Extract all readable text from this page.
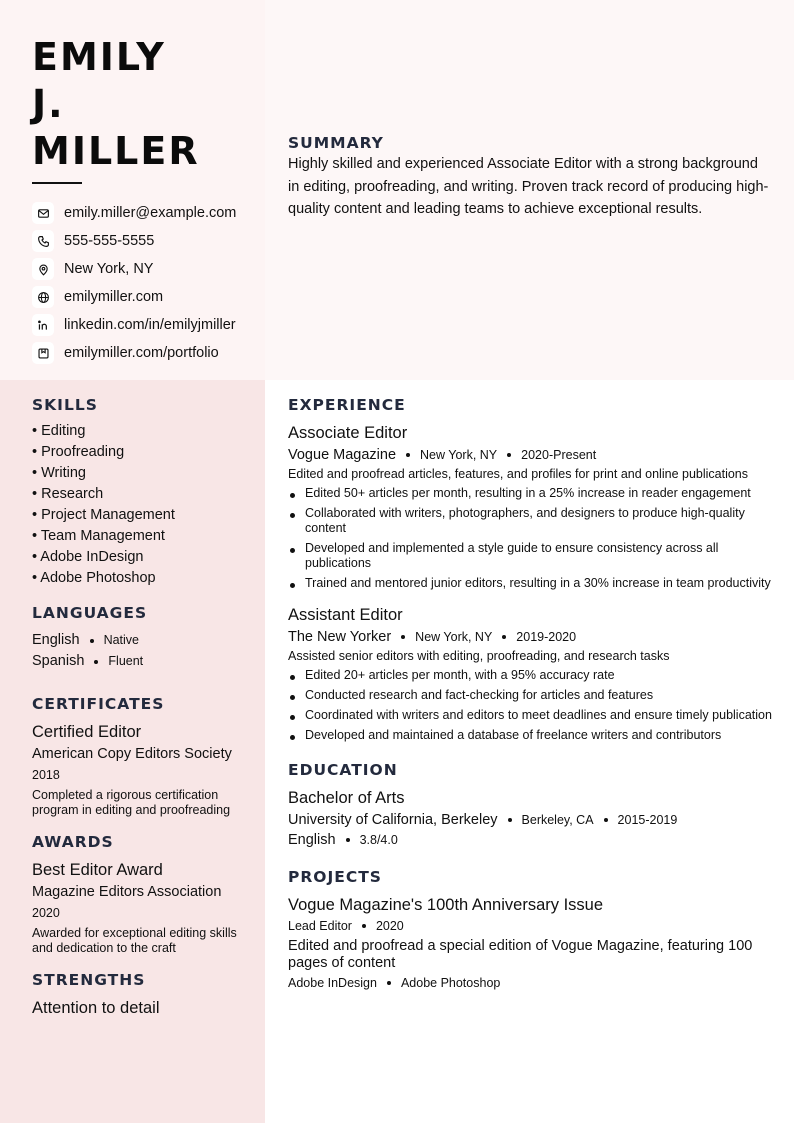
EMILY
J.
MILLER
emily.miller@example.com
555-555-5555
New York, NY
emilymiller.com
linkedin.com/in/emilyjmiller
emilymiller.com/portfolio
SUMMARY
Highly skilled and experienced Associate Editor with a strong background in editing, proofreading, and writing. Proven track record of producing high-quality content and leading teams to achieve exceptional results.
SKILLS
• Editing
• Proofreading
• Writing
• Research
• Project Management
• Team Management
• Adobe InDesign
• Adobe Photoshop
LANGUAGES
English Native
Spanish Fluent
CERTIFICATES
Certified Editor
American Copy Editors Society
2018
Completed a rigorous certification program in editing and proofreading
AWARDS
Best Editor Award
Magazine Editors Association
2020
Awarded for exceptional editing skills and dedication to the craft
STRENGTHS
Attention to detail
EXPERIENCE
Associate Editor
Vogue Magazine New York, NY 2020-Present
Edited and proofread articles, features, and profiles for print and online publications
Edited 50+ articles per month, resulting in a 25% increase in reader engagement
Collaborated with writers, photographers, and designers to produce high-quality content
Developed and implemented a style guide to ensure consistency across all publications
Trained and mentored junior editors, resulting in a 30% increase in team productivity
Assistant Editor
The New Yorker New York, NY 2019-2020
Assisted senior editors with editing, proofreading, and research tasks
Edited 20+ articles per month, with a 95% accuracy rate
Conducted research and fact-checking for articles and features
Coordinated with writers and editors to meet deadlines and ensure timely publication
Developed and maintained a database of freelance writers and contributors
EDUCATION
Bachelor of Arts
University of California, Berkeley Berkeley, CA 2015-2019
English 3.8/4.0
PROJECTS
Vogue Magazine's 100th Anniversary Issue
Lead Editor 2020
Edited and proofread a special edition of Vogue Magazine, featuring 100 pages of content
Adobe InDesign Adobe Photoshop
